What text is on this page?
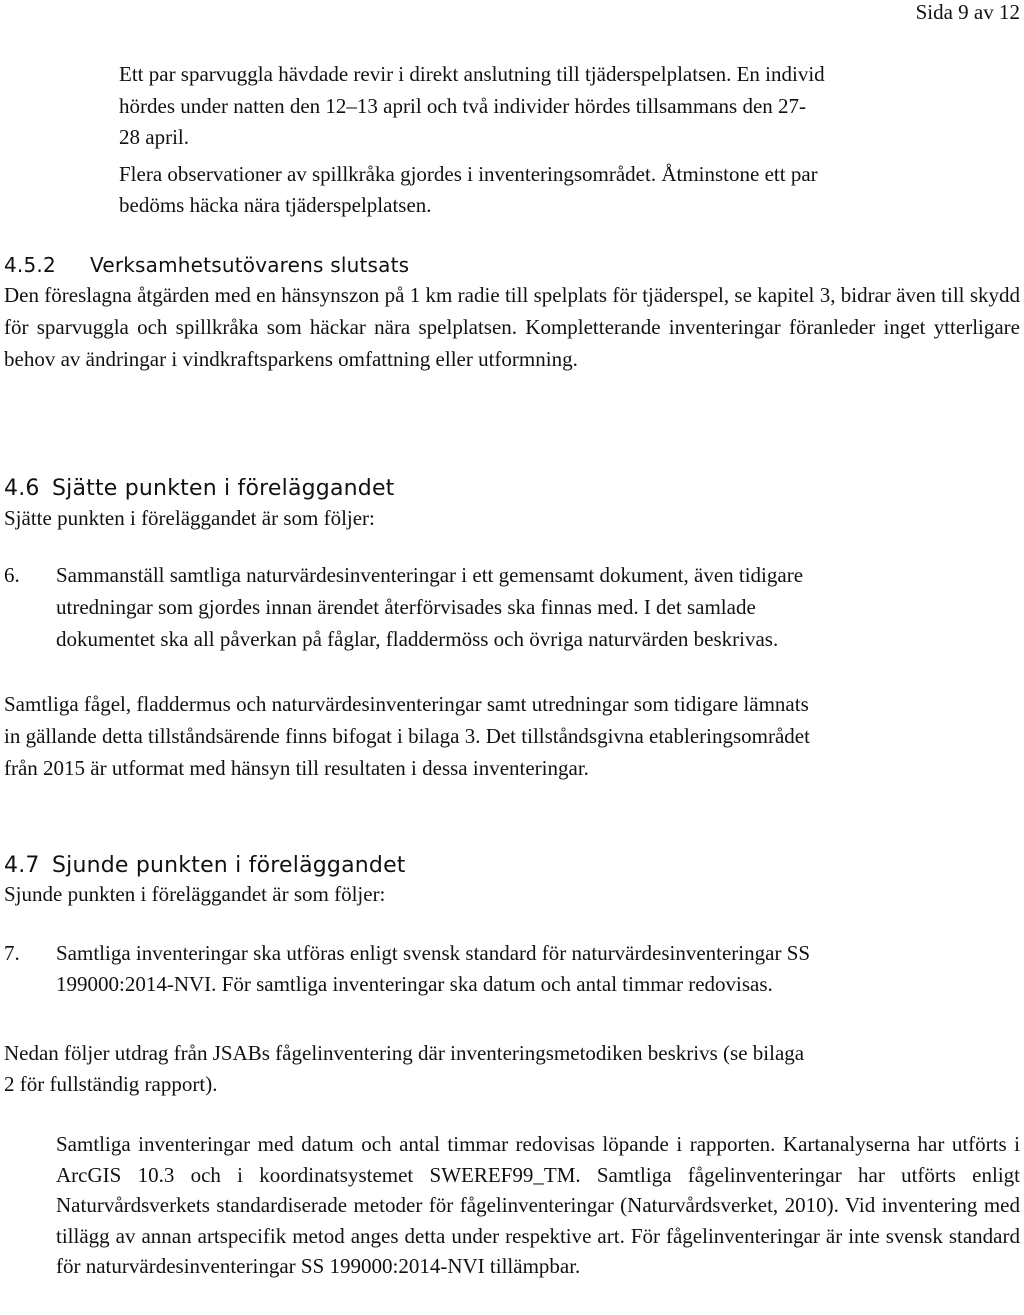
Sida 9 av 12
Ett par sparvuggla hävdade revir i direkt anslutning till tjäderspelplatsen. En individ
hördes under natten den 12–13 april och två individer hördes tillsammans den 27-
28 april.
Flera observationer av spillkråka gjordes i inventeringsområdet. Åtminstone ett par
bedöms häcka nära tjäderspelplatsen.
4.5.2 Verksamhetsutövarens slutsats
Den föreslagna åtgärden med en hänsynszon på 1 km radie till spelplats för tjäderspel, se kapitel 3, bidrar även till skydd för sparvuggla och spillkråka som häckar nära spelplatsen. Kompletterande inventeringar föranleder inget ytterligare behov av ändringar i vindkraftsparkens omfattning eller utformning.
4.6 Sjätte punkten i föreläggandet
Sjätte punkten i föreläggandet är som följer:
6. Sammanställ samtliga naturvärdesinventeringar i ett gemensamt dokument, även tidigare
utredningar som gjordes innan ärendet återförvisades ska finnas med. I det samlade
dokumentet ska all påverkan på fåglar, fladdermöss och övriga naturvärden beskrivas.
Samtliga fågel, fladdermus och naturvärdesinventeringar samt utredningar som tidigare lämnats
in gällande detta tillståndsärende finns bifogat i bilaga 3. Det tillståndsgivna etableringsområdet
från 2015 är utformat med hänsyn till resultaten i dessa inventeringar.
4.7 Sjunde punkten i föreläggandet
Sjunde punkten i föreläggandet är som följer:
7. Samtliga inventeringar ska utföras enligt svensk standard för naturvärdesinventeringar SS
199000:2014-NVI. För samtliga inventeringar ska datum och antal timmar redovisas.
Nedan följer utdrag från JSABs fågelinventering där inventeringsmetodiken beskrivs (se bilaga
2 för fullständig rapport).
Samtliga inventeringar med datum och antal timmar redovisas löpande i rapporten. Kartanalyserna har utförts i ArcGIS 10.3 och i koordinatsystemet SWEREF99_TM. Samtliga fågelinventeringar har utförts enligt Naturvårdsverkets standardiserade metoder för fågelinventeringar (Naturvårdsverket, 2010). Vid inventering med tillägg av annan artspecifik metod anges detta under respektive art. För fågelinventeringar är inte svensk standard för naturvärdesinventeringar SS 199000:2014-NVI tillämpbar.
